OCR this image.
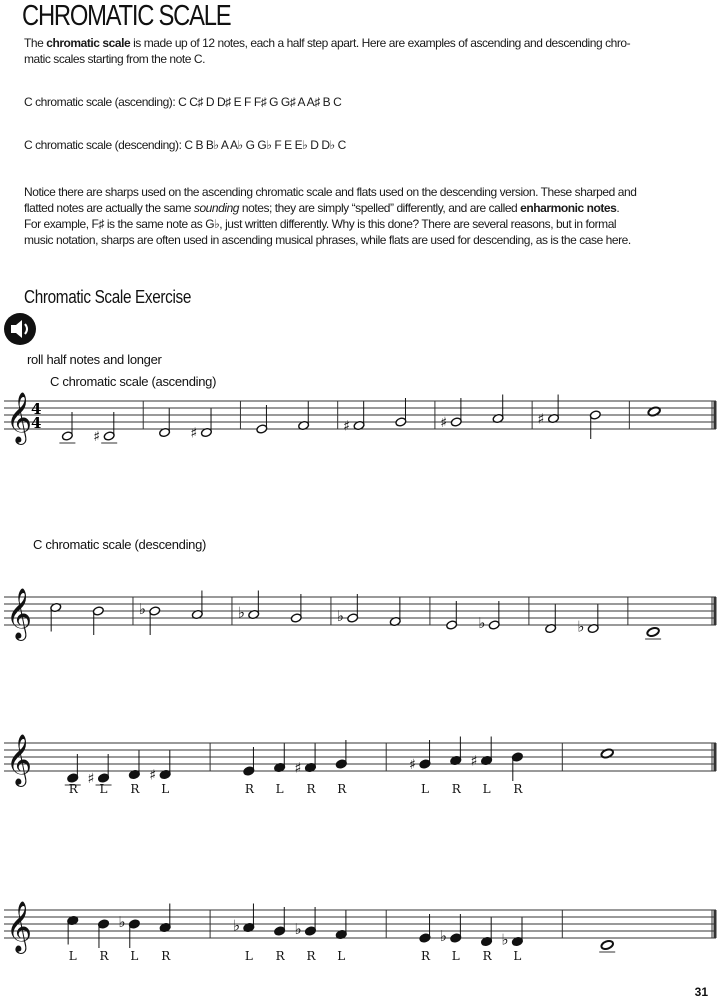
CHROMATIC SCALE
The chromatic scale is made up of 12 notes, each a half step apart. Here are examples of ascending and descending chro-
matic scales starting from the note C.
C chromatic scale (ascending): C C♯ D D♯ E F F♯ G G♯ A A♯ B C
C chromatic scale (descending): C B B♭ A A♭ G G♭ F E E♭ D D♭ C
Notice there are sharps used on the ascending chromatic scale and flats used on the descending version. These sharped and
flatted notes are actually the same sounding notes; they are simply “spelled” differently, and are called enharmonic notes.
For example, F♯ is the same note as G♭, just written differently. Why is this done? There are several reasons, but in formal
music notation, sharps are often used in ascending musical phrases, while flats are used for descending, as is the case here.
Chromatic Scale Exercise
roll half notes and longer
C chromatic scale (ascending)
C chromatic scale (descending)
𝄞
4
4
♯	♯	♯	♯	♯
𝄞	♭	♭	♭	♭	♭
𝄞
R
♯
L R
♯
L	R L
♯
R R
♯
L R
♯
L R
𝄞
L R
♭
L R
♭
L R
♭
R L	R
♭
L R
♭
L
31
